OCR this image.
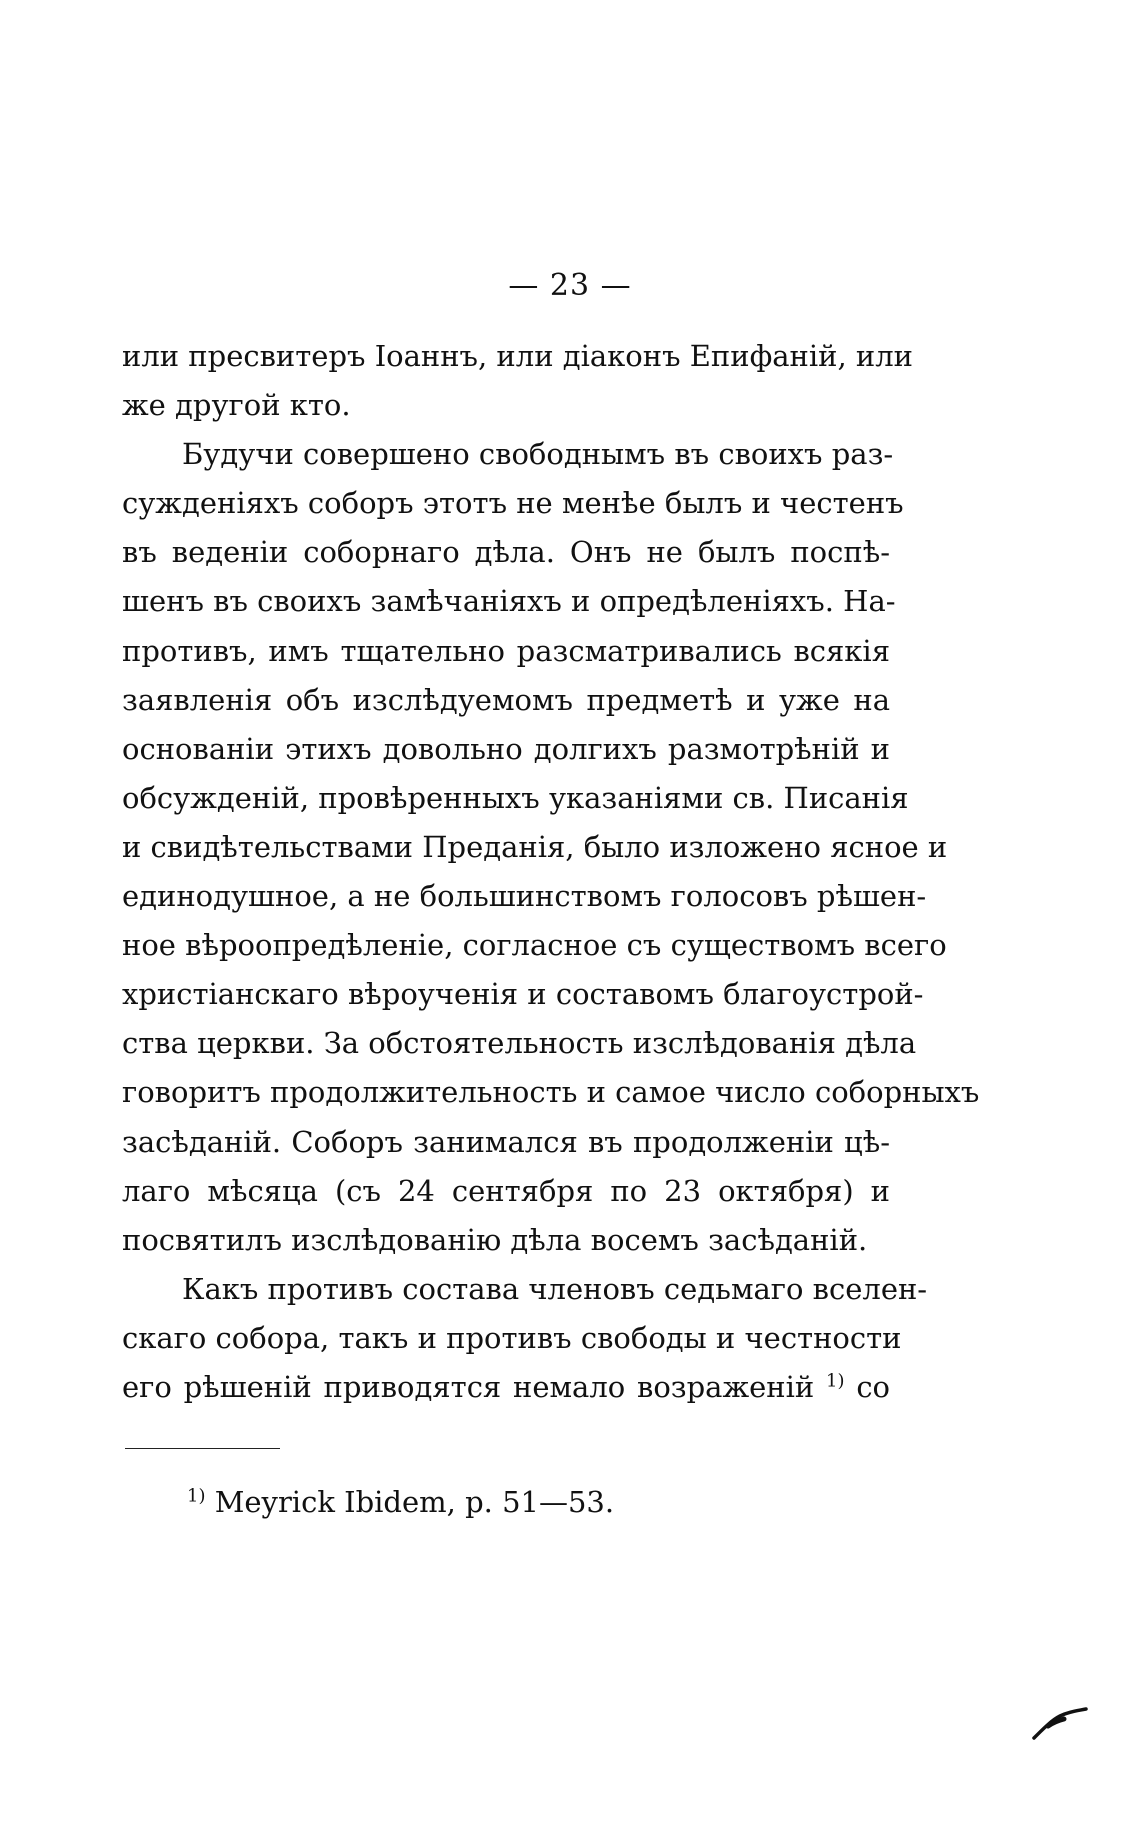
— 23 —
или пресвитеръ Іоаннъ, или діаконъ Епифаній, или
же другой кто.
Будучи совершено свободнымъ въ своихъ раз-
сужденіяхъ соборъ этотъ не менѣе былъ и честенъ
въ веденіи соборнаго дѣла. Онъ не былъ поспѣ-
шенъ въ своихъ замѣчаніяхъ и опредѣленіяхъ. На-
противъ, имъ тщательно разсматривались всякія
заявленія объ изслѣдуемомъ предметѣ и уже на
основаніи этихъ довольно долгихъ размотрѣній и
обсужденій, провѣренныхъ указаніями св. Писанія
и свидѣтельствами Преданія, было изложено ясное и
единодушное, а не большинствомъ голосовъ рѣшен-
ное вѣроопредѣленіе, согласное съ существомъ всего
христіанскаго вѣроученія и составомъ благоустрой-
ства церкви. За обстоятельность изслѣдованія дѣла
говоритъ продолжительность и самое число соборныхъ
засѣданій. Соборъ занимался въ продолженіи цѣ-
лаго мѣсяца (съ 24 сентября по 23 октября) и
посвятилъ изслѣдованію дѣла восемъ засѣданій.
Какъ противъ состава членовъ седьмаго вселен-
скаго собора, такъ и противъ свободы и честности
его рѣшеній приводятся немало возраженій $^{1)}$ со
$^{1)}$ Meyrick Ibidem, p. 51—53.
